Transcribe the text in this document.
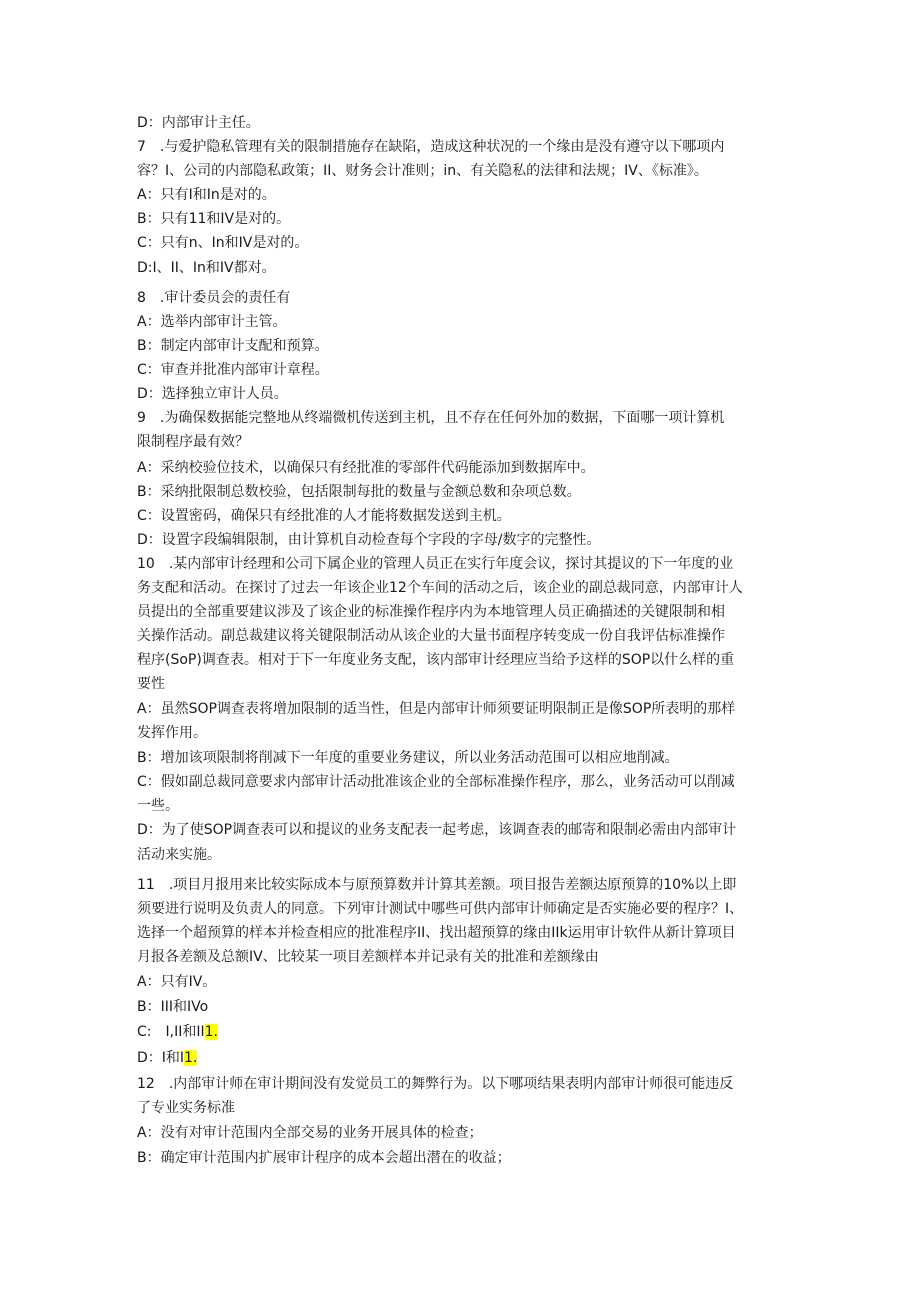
D：内部审计主任。
7　.与爱护隐私管理有关的限制措施存在缺陷，造成这种状况的一个缘由是没有遵守以下哪项内
容？I、公司的内部隐私政策；II、财务会计准则；in、有关隐私的法律和法规；IV、《标准》。
A：只有I和In是对的。
B：只有11和IV是对的。
C：只有n、In和IV是对的。
D:I、II、In和IV都对。
8　.审计委员会的责任有
A：选举内部审计主管。
B：制定内部审计支配和预算。
C：审查并批准内部审计章程。
D：选择独立审计人员。
9　.为确保数据能完整地从终端微机传送到主机，且不存在任何外加的数据，下面哪一项计算机
限制程序最有效？
A：采纳校验位技术，以确保只有经批准的零部件代码能添加到数据库中。
B：采纳批限制总数校验，包括限制每批的数量与金额总数和杂项总数。
C：设置密码，确保只有经批准的人才能将数据发送到主机。
D：设置字段编辑限制，由计算机自动检查每个字段的字母/数字的完整性。
10　.某内部审计经理和公司下属企业的管理人员正在实行年度会议，探讨其提议的下一年度的业
务支配和活动。在探讨了过去一年该企业12个车间的活动之后，该企业的副总裁同意，内部审计人
员提出的全部重要建议涉及了该企业的标准操作程序内为本地管理人员正确描述的关键限制和相
关操作活动。副总裁建议将关键限制活动从该企业的大量书面程序转变成一份自我评估标准操作
程序(SoP)调查表。相对于下一年度业务支配，该内部审计经理应当给予这样的SOP以什么样的重
要性
A：虽然SOP调查表将增加限制的适当性，但是内部审计师须要证明限制正是像SOP所表明的那样
发挥作用。
B：增加该项限制将削减下一年度的重要业务建议，所以业务活动范围可以相应地削减。
C：假如副总裁同意要求内部审计活动批准该企业的全部标准操作程序，那么，业务活动可以削减
一些。
D：为了使SOP调查表可以和提议的业务支配表一起考虑，该调查表的邮寄和限制必需由内部审计
活动来实施。
11　.项目月报用来比较实际成本与原预算数并计算其差额。项目报告差额达原预算的10%以上即
须要进行说明及负责人的同意。下列审计测试中哪些可供内部审计师确定是否实施必要的程序？I、
选择一个超预算的样本并检查相应的批准程序II、找出超预算的缘由IIk运用审计软件从新计算项目
月报各差额及总额IV、比较某一项目差额样本并记录有关的批准和差额缘由
A：只有IV。
B：III和IVo
C:　I,II和II1.
D：I和I1.
12　.内部审计师在审计期间没有发觉员工的舞弊行为。以下哪项结果表明内部审计师很可能违反
了专业实务标准
A：没有对审计范围内全部交易的业务开展具体的检查；
B：确定审计范围内扩展审计程序的成本会超出潜在的收益；
